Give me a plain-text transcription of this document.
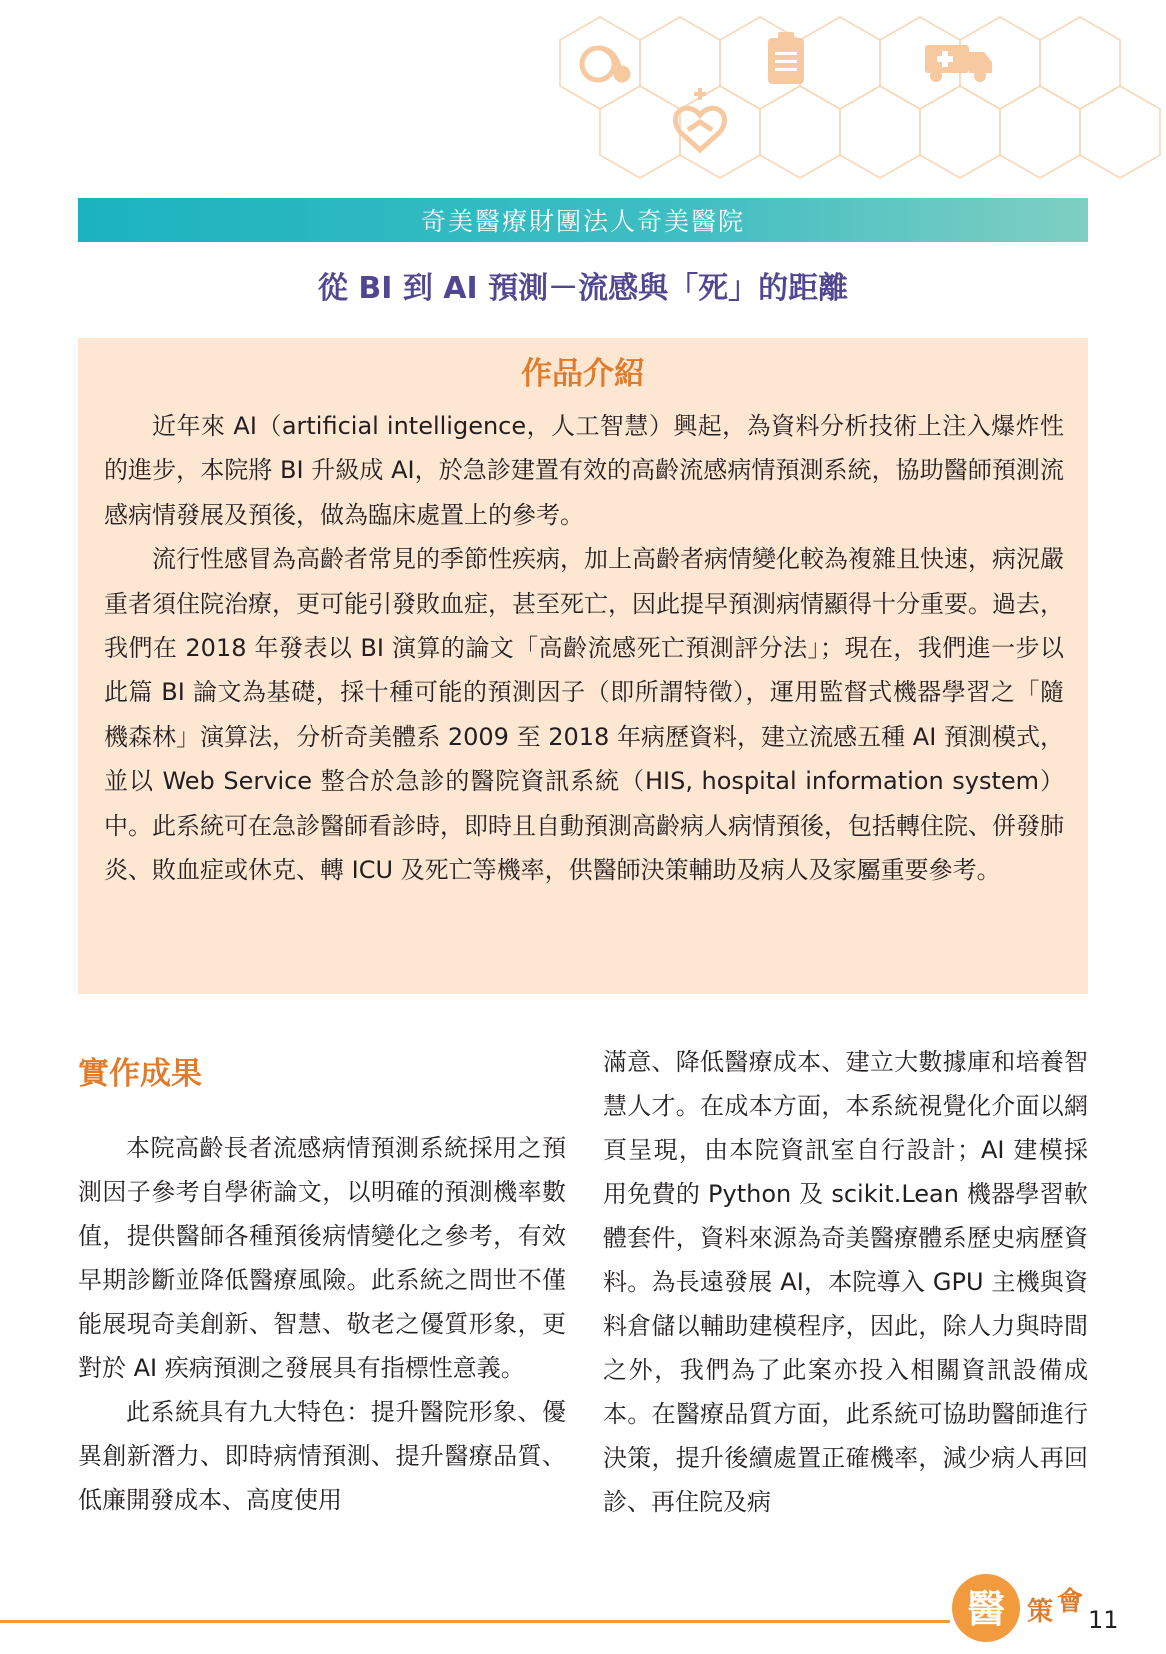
奇美醫療財團法人奇美醫院
從 BI 到 AI 預測－流感與「死」的距離
作品介紹

近年來 AI（artificial intelligence，人工智慧）興起，為資料分析技術上注入爆炸性的進步，本院將 BI 升級成 AI，於急診建置有效的高齡流感病情預測系統，協助醫師預測流感病情發展及預後，做為臨床處置上的參考。

流行性感冒為高齡者常見的季節性疾病，加上高齡者病情變化較為複雜且快速，病況嚴重者須住院治療，更可能引發敗血症，甚至死亡，因此提早預測病情顯得十分重要。過去，我們在 2018 年發表以 BI 演算的論文「高齡流感死亡預測評分法」；現在，我們進一步以此篇 BI 論文為基礎，採十種可能的預測因子（即所謂特徵），運用監督式機器學習之「隨機森林」演算法，分析奇美體系 2009 至 2018 年病歷資料，建立流感五種 AI 預測模式，並以 Web Service 整合於急診的醫院資訊系統（HIS, hospital information system）中。此系統可在急診醫師看診時，即時且自動預測高齡病人病情預後，包括轉住院、併發肺炎、敗血症或休克、轉 ICU 及死亡等機率，供醫師決策輔助及病人及家屬重要參考。

實作成果

本院高齡長者流感病情預測系統採用之預測因子參考自學術論文，以明確的預測機率數值，提供醫師各種預後病情變化之參考，有效早期診斷並降低醫療風險。此系統之問世不僅能展現奇美創新、智慧、敬老之優質形象，更對於 AI 疾病預測之發展具有指標性意義。

此系統具有九大特色：提升醫院形象、優異創新潛力、即時病情預測、提升醫療品質、低廉開發成本、高度使用

滿意、降低醫療成本、建立大數據庫和培養智慧人才。在成本方面，本系統視覺化介面以網頁呈現，由本院資訊室自行設計；AI 建模採用免費的 Python 及 scikit.Lean 機器學習軟體套件，資料來源為奇美醫療體系歷史病歷資料。為長遠發展 AI，本院導入 GPU 主機與資料倉儲以輔助建模程序，因此，除人力與時間之外，我們為了此案亦投入相關資訊設備成本。在醫療品質方面，此系統可協助醫師進行決策，提升後續處置正確機率，減少病人再回診、再住院及病

醫 策 會
11
